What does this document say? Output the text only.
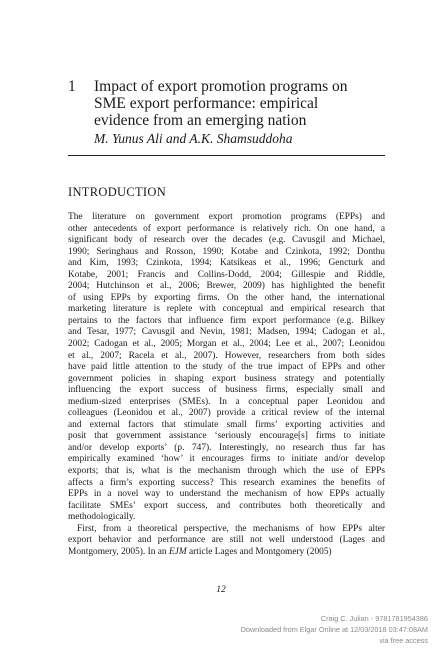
1	Impact of export promotion programs on
SME export performance: empirical
evidence from an emerging nation
M. Yunus Ali and A.K. Shamsuddoha
INTRODUCTION
The literature on government export promotion programs (EPPs) and
other antecedents of export performance is relatively rich. On one hand, a
significant body of research over the decades (e.g. Cavusgil and Michael,
1990; Seringhaus and Rosson, 1990; Kotabe and Czinkota, 1992; Donthu
and Kim, 1993; Czinkota, 1994; Katsikeas et al., 1996; Gencturk and
Kotabe, 2001; Francis and Collins-Dodd, 2004; Gillespie and Riddle,
2004; Hutchinson et al., 2006; Brewer, 2009) has highlighted the benefit
of using EPPs by exporting firms. On the other hand, the international
marketing literature is replete with conceptual and empirical research that
pertains to the factors that influence firm export performance (e.g. Bilkey
and Tesar, 1977; Cavusgil and Nevin, 1981; Madsen, 1994; Cadogan et al.,
2002; Cadogan et al., 2005; Morgan et al., 2004; Lee et al., 2007; Leonidou
et al., 2007; Racela et al., 2007). However, researchers from both sides
have paid little attention to the study of the true impact of EPPs and other
government policies in shaping export business strategy and potentially
influencing the export success of business firms, especially small and
medium-sized enterprises (SMEs). In a conceptual paper Leonidou and
colleagues (Leonidou et al., 2007) provide a critical review of the internal
and external factors that stimulate small firms’ exporting activities and
posit that government assistance ‘seriously encourage[s] firms to initiate
and/or develop exports’ (p. 747). Interestingly, no research thus far has
empirically examined ‘how’ it encourages firms to initiate and/or develop
exports; that is, what is the mechanism through which the use of EPPs
affects a firm’s exporting success? This research examines the benefits of
EPPs in a novel way to understand the mechanism of how EPPs actually
facilitate SMEs’ export success, and contributes both theoretically and
methodologically.
First, from a theoretical perspective, the mechanisms of how EPPs alter
export behavior and performance are still not well understood (Lages and
Montgomery, 2005). In an EJM article Lages and Montgomery (2005)
12
Craig C. Julian - 9781781954386
Downloaded from Elgar Online at 12/03/2018 03:47:08AM
via free access
